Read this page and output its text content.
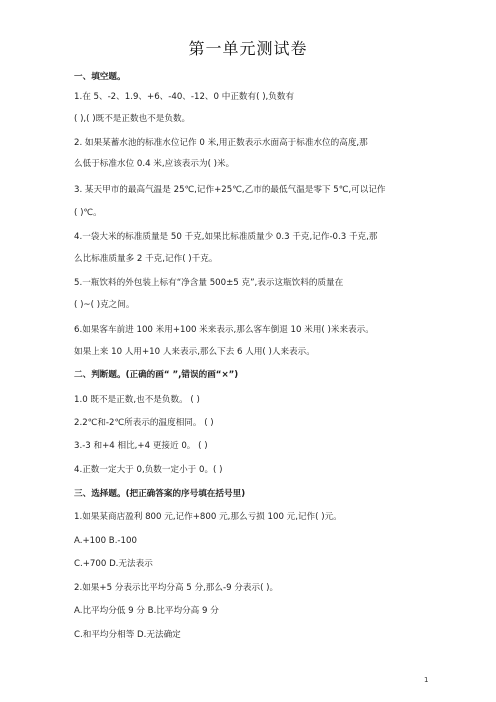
第一单元测试卷
一、填空题。
1.在 5、-2、1.9、+6、-40、-12、0 中正数有( ),负数有
( ),( )既不是正数也不是负数。
2. 如果某蓄水池的标准水位记作 0 米,用正数表示水面高于标准水位的高度,那
么低于标准水位 0.4 米,应该表示为( )米。
3. 某天甲市的最高气温是 25℃,记作+25℃,乙市的最低气温是零下 5℃,可以记作
( )℃。
4.一袋大米的标准质量是 50 千克,如果比标准质量少 0.3 千克,记作-0.3 千克,那
么比标准质量多 2 千克,记作( )千克。
5.一瓶饮料的外包装上标有“净含量 500±5 克”,表示这瓶饮料的质量在
( )~( )克之间。
6.如果客车前进 100 米用+100 米来表示,那么客车倒退 10 米用( )米来表示。
如果上来 10 人用+10 人来表示,那么下去 6 人用( )人来表示。
二、判断题。(正确的画“ ”,错误的画“×”)
1.0 既不是正数,也不是负数。 ( )
2.2℃和-2℃所表示的温度相同。 ( )
3.-3 和+4 相比,+4 更接近 0。 ( )
4.正数一定大于 0,负数一定小于 0。( )
三、选择题。(把正确答案的序号填在括号里)
1.如果某商店盈利 800 元,记作+800 元,那么亏损 100 元,记作( )元。
A.+100 B.-100
C.+700 D.无法表示
2.如果+5 分表示比平均分高 5 分,那么-9 分表示( )。
A.比平均分低 9 分 B.比平均分高 9 分
C.和平均分相等 D.无法确定
1
